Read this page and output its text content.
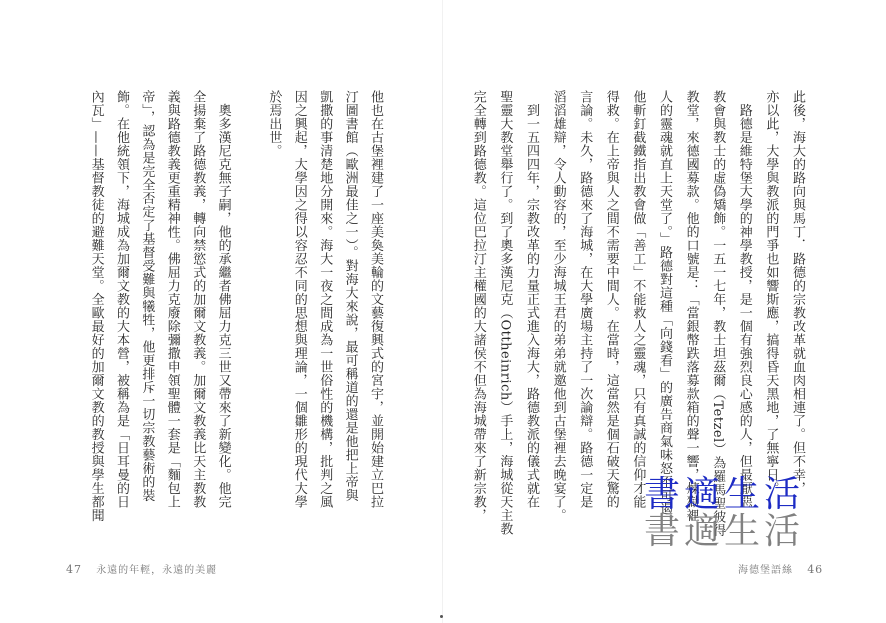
此後，海大的路向與馬丁．路德的宗教改革就血肉相連了。但不幸，
亦以此，大學與教派的門爭也如響斯應，搞得昏天黑地，了無寧日。
　路德是維特堡大學的神學教授，是一個有強烈良心感的人，但最厭惡
教會與教士的虛偽矯飾。一五一七年，教士坦茲爾（Tetzel）為羅馬聖彼得
教堂，來德國募款。他的口號是：「當銀幣跌落募款箱的聲一響，煉獄裡
人的靈魂就直上天堂了。」路德對這種「向錢看」的廣告商氣味怒不可遏，
他斬釘截鐵指出教會做「善工」不能救人之靈魂，只有真誠的信仰才能
得救。在上帝與人之間不需要中間人。在當時，這當然是個石破天驚的
言論。未久，路德來了海城，在大學廣場主持了一次論辯。路德一定是
滔滔雄辯，令人動容的，至少海城王君的弟弟就邀他到古堡裡去晚宴了。
　到一五四四年，宗教改革的力量正式進入海大，路德教派的儀式就在
聖靈大教堂舉行了。到了奧多漢尼克（Ottheinrich）手上，海城從天主教
完全轉到路德教。這位巴拉汀主權國的大諸侯不但為海城帶來了新宗教，
他也在古堡裡建了一座美奐美輪的文藝復興式的宮宇，並開始建立巴拉
汀圖書館（歐洲最佳之一）。對海大來說，最可稱道的還是他把上帝與
凱撒的事清楚地分開來。海大一夜之間成為一世俗性的機構，批判之風
因之興起，大學因之得以容忍不同的思想與理論，一個雛形的現代大學
於焉出世。
　奧多漢尼克無子嗣，他的承繼者佛屈力克三世又帶來了新變化。他完
全揚棄了路德教義，轉向禁慾式的加爾文教義。加爾文教義比天主教教
義與路德教義更重精神性。佛屈力克廢除彌撒申領聖體一套是「麵包上
帝」，認為是完全否定了基督受難與犧牲，他更排斥一切宗教藝術的裝
飾。在他統領下，海城成為加爾文教的大本營，被稱為是「日耳曼的日
內瓦」——基督教徒的避難天堂。全歐最好的加爾文教的教授與學生都聞
47 永遠的年輕，永遠的美麗	海德堡語絲 46
書適生活
書適生活
